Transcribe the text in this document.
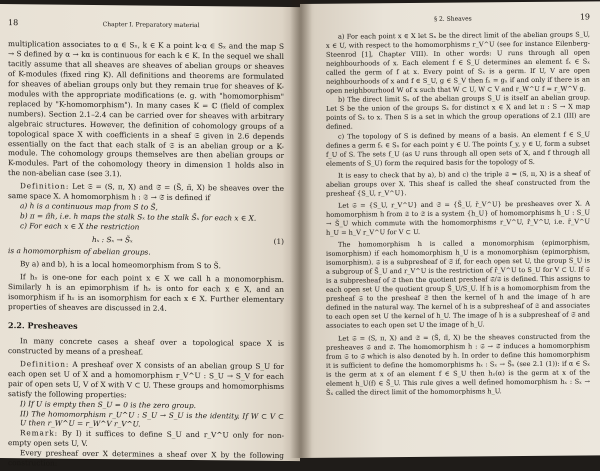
18	Chapter I. Preparatory material

multiplication associates to α ∈ Sₓ, k ∈ K a point k·α ∈ Sₓ and the map S → S defined by α → kα is continuous for each k ∈ K. In the sequel we shall tacitly assume that all sheaves are sheaves of abelian groups or sheaves of K-modules (fixed ring K). All definitions and theorems are formulated for sheaves of abelian groups only but they remain true for sheaves of K-modules with the appropriate modifications (e. g. with "homomorphism" replaced by "K-homomorphism"). In many cases K = ℂ (field of complex numbers). Section 2.1–2.4 can be carried over for sheaves with arbitrary algebraic structures. However, the definition of cohomology groups of a topological space X with coefficients in a sheaf 𝔖 given in 2.6 depends essentially on the fact that each stalk of 𝔖 is an abelian group or a K-module. The cohomology groups themselves are then abelian groups or K-modules. Part of the cohomology theory in dimension 1 holds also in the non-abelian case (see 3.1).

Definition: Let 𝔖 = (S, π, X) and 𝔖̃ = (S̃, π̃, X) be sheaves over the same space X. A homomorphism h : 𝔖 → 𝔖̃ is defined if

a) h is a continuous map from S to S̃,

b) π = π̃h, i.e. h maps the stalk Sₓ to the stalk S̃ₓ for each x ∈ X.

c) For each x ∈ X the restriction

hₓ : Sₓ → S̃ₓ	(1)

is a homomorphism of abelian groups.

By a) and b), h is a local homeomorphism from S to S̃.

If hₓ is one-one for each point x ∈ X we call h a monomorphism. Similarly h is an epimorphism if hₓ is onto for each x ∈ X, and an isomorphism if hₓ is an isomorphism for each x ∈ X. Further elementary properties of sheaves are discussed in 2.4.

2.2. Presheaves

In many concrete cases a sheaf over a topological space X is constructed by means of a presheaf.

Definition: A presheaf over X consists of an abelian group S_U for each open set U of X and a homomorphism r_V^U : S_U → S_V for each pair of open sets U, V of X with V ⊂ U. These groups and homomorphisms satisfy the following properties:

I) If U is empty then S_U = 0 is the zero group.

II) The homomorphism r_U^U : S_U → S_U is the identity. If W ⊂ V ⊂ U then r_W^U = r_W^V r_V^U.

Remark: By I) it suffices to define S_U and r_V^U only for non-empty open sets U, V.

Every presheaf over X determines a sheaf over X by the following construction:

§ 2. Sheaves	19

a) For each point x ∈ X let Sₓ be the direct limit of the abelian groups S_U, x ∈ U, with respect to the homomorphisms r_V^U (see for instance Eilenberg-Steenrod [1], Chapter VIII). In other words: U runs through all open neighbourhoods of x. Each element f ∈ S_U determines an element fₓ ∈ Sₓ called the germ of f at x. Every point of Sₓ is a germ. If U, V are open neighbourhoods of x and f ∈ S_U, g ∈ S_V then fₓ = gₓ if and only if there is an open neighbourhood W of x such that W ⊂ U, W ⊂ V and r_W^U f = r_W^V g.

b) The direct limit Sₓ of the abelian groups S_U is itself an abelian group. Let S be the union of the groups Sₓ for distinct x ∈ X and let π : S → X map points of Sₓ to x. Then S is a set in which the group operations of 2.1 (III) are defined.

c) The topology of S is defined by means of a basis. An element f ∈ S_U defines a germ fₓ ∈ Sₓ for each point y ∈ U. The points f_y, y ∈ U, form a subset f_U of S. The sets f_U (as U runs through all open sets of X, and f through all elements of S_U) form the required basis for the topology of S.

It is easy to check that by a), b) and c) the triple 𝔖 = (S, π, X) is a sheaf of abelian groups over X. This sheaf is called the sheaf constructed from the presheaf {S_U, r_V^U}.

Let 𝔖 = {S_U, r_V^U} and 𝔖̃ = {S̃_U, r̃_V^U} be presheaves over X. A homomorphism h from 𝔖 to 𝔖̃ is a system {h_U} of homomorphisms h_U : S_U → S̃_U which commute with the homomorphisms r_V^U, r̃_V^U, i.e. r̃_V^U h_U = h_V r_V^U for V ⊂ U.

The homomorphism h is called a monomorphism (epimorphism, isomorphism) if each homomorphism h_U is a monomorphism (epimorphism, isomorphism). 𝔖 is a subpresheaf of 𝔖̃ if, for each open set U, the group S_U is a subgroup of S̃_U and r_V^U is the restriction of r̃_V^U to S_U for V ⊂ U. If 𝔖 is a subpresheaf of 𝔖̃ then the quotient presheaf 𝔖̃/𝔖 is defined. This assigns to each open set U the quotient group S̃_U/S_U. If h is a homomorphism from the presheaf 𝔖 to the presheaf 𝔖̃ then the kernel of h and the image of h are defined in the natural way. The kernel of h is a subpresheaf of 𝔖 and associates to each open set U the kernel of h_U. The image of h is a subpresheaf of 𝔖̃ and associates to each open set U the image of h_U.

Let 𝔖 = (S, π, X) and 𝔖̃ = (S̃, π̃, X) be the sheaves constructed from the presheaves 𝔖 and 𝔖̃. The homomorphism h : 𝔖 → 𝔖̃ induces a homomorphism from 𝔖 to 𝔖̃ which is also denoted by h. In order to define this homomorphism it is sufficient to define the homomorphisms hₓ : Sₓ → S̃ₓ (see 2.1 (1)): if α ∈ Sₓ is the germ at x of an element f ∈ S_U then hₓ(α) is the germ at x of the element h_U(f) ∈ S̃_U. This rule gives a well defined homomorphism hₓ : Sₓ → S̃ₓ called the direct limit of the homomorphisms h_U.
